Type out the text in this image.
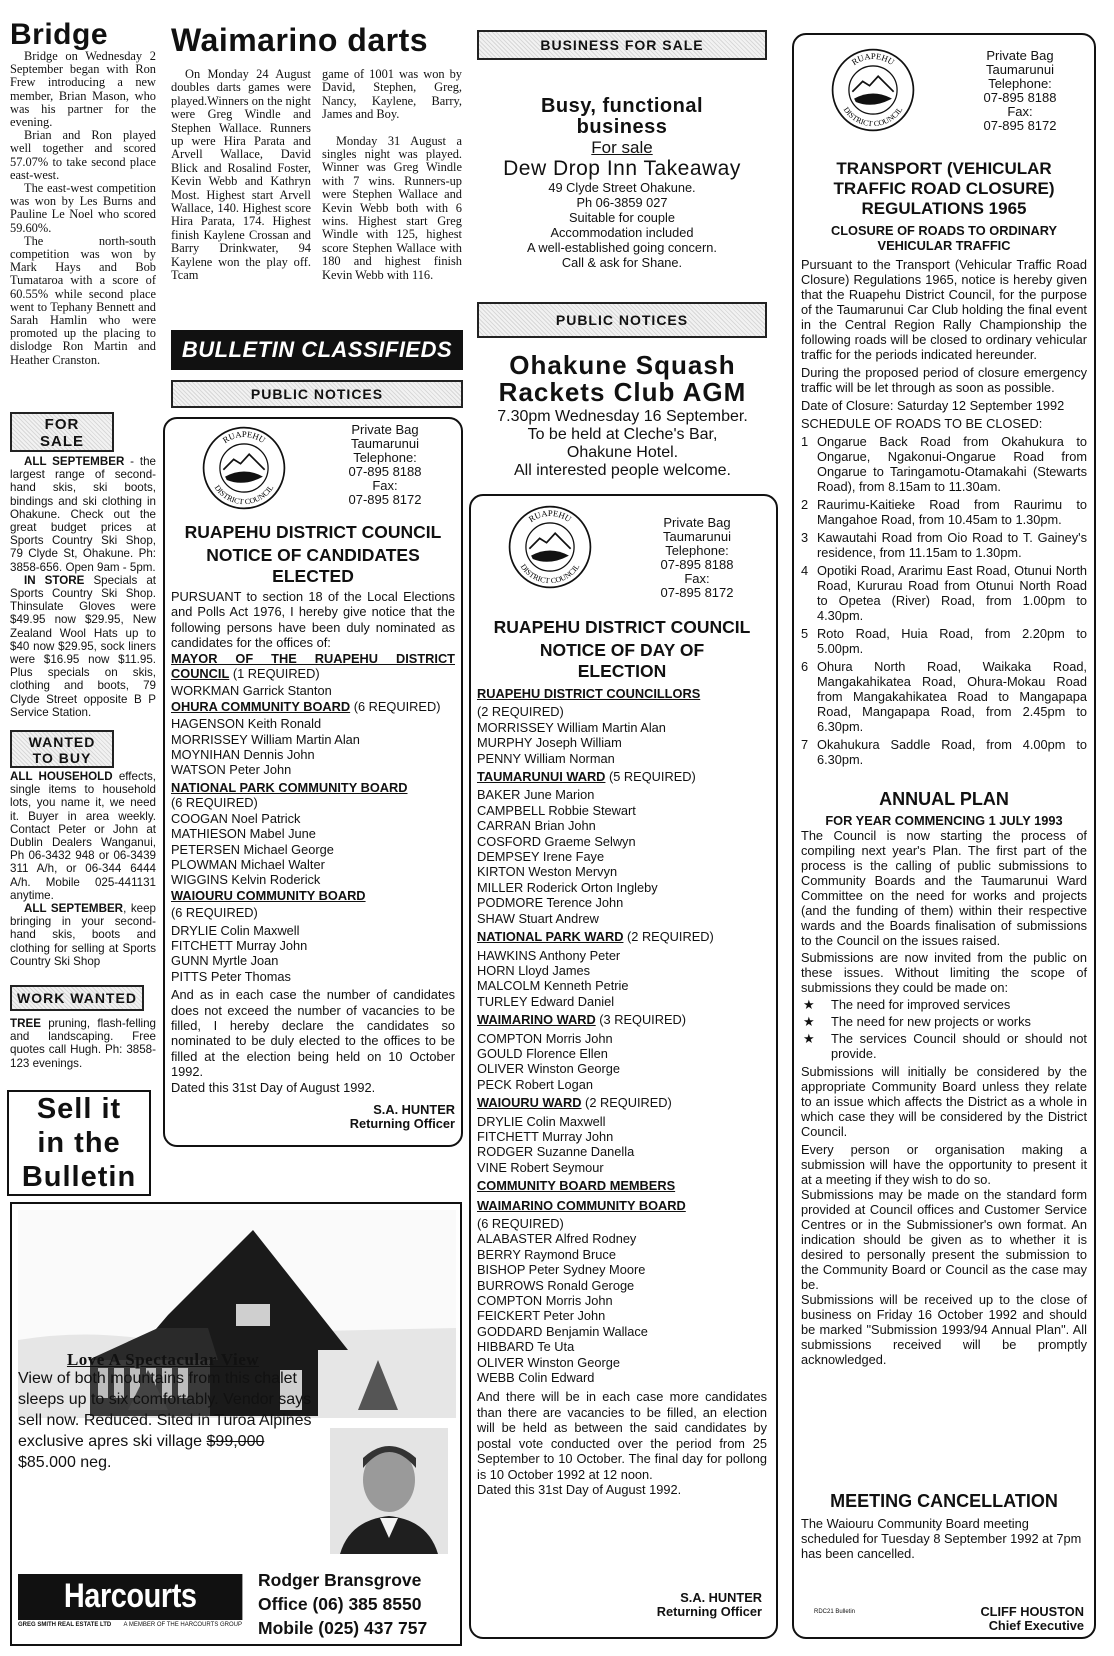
Bridge

Bridge on Wednesday 2 September began with Ron Frew introducing a new member, Brian Mason, who was his partner for the evening.

Brian and Ron played well together and scored 57.07% to take second place east-west.

The east-west competition was won by Les Burns and Pauline Le Noel who scored 59.60%.

The north-south competition was won by Mark Hays and Bob Tumataroa with a score of 60.55% while second place went to Tephany Bennett and Sarah Hamlin who were promoted up the placing to dislodge Ron Martin and Heather Cranston.

FOR
SALE

ALL SEPTEMBER - the largest range of second-hand skis, ski boots, bindings and ski clothing in Ohakune. Check out the great budget prices at Sports Country Ski Shop, 79 Clyde St, Ohakune. Ph: 3858-656. Open 9am - 5pm.

IN STORE Specials at Sports Country Ski Shop. Thinsulate Gloves were $49.95 now $29.95, New Zealand Wool Hats up to $40 now $29.95, sock liners were $16.95 now $11.95. Plus specials on skis, clothing and boots, 79 Clyde Street opposite B P Service Station.

WANTED
TO BUY

ALL HOUSEHOLD effects, single items to household lots, you name it, we need it. Buyer in area weekly. Contact Peter or John at Dublin Dealers Wanganui, Ph 06-3432 948 or 06-3439 311 A/h, or 06-344 6444 A/h. Mobile 025-441131 anytime.

ALL SEPTEMBER, keep bringing in your second-hand skis, boots and clothing for selling at Sports Country Ski Shop

WORK WANTED

TREE pruning, flash-felling and landscaping. Free quotes call Hugh. Ph: 3858-123 evenings.

Sell it
in the
Bulletin
Waimarino darts

On Monday 24 August doubles darts games were played.Winners on the night were Greg Windle and Stephen Wallace. Runners up were Hira Parata and Arvell Wallace, David Blick and Rosalind Foster, Kevin Webb and Kathryn Most. Highest start Arvell Wallace, 140. Highest score Hira Parata, 174. Highest finish Kaylene Crossan and Barry Drinkwater, 94 Kaylene won the play off. Tcam

game of 1001 was won by David, Stephen, Greg, Nancy, Kaylene, Barry, James and Boy.

Monday 31 August a singles night was played. Winner was Greg Windle with 7 wins. Runners-up were Stephen Wallace and Kevin Webb both with 6 wins. Highest start Greg Windle with 125, highest score Stephen Wallace with 180 and highest finish Kevin Webb with 116.

BULLETIN CLASSIFIEDS
PUBLIC NOTICES
RUAPEHU
DISTRICT COUNCIL
Private Bag
Taumarunui
Telephone:
07-895 8188
Fax:
07-895 8172
RUAPEHU DISTRICT COUNCIL
NOTICE OF CANDIDATES ELECTED

PURSUANT to section 18 of the Local Elections and Polls Act 1976, I hereby give notice that the following persons have been duly nominated as candidates for the offices of:

MAYOR OF THE RUAPEHU DISTRICT COUNCIL (1 REQUIRED)

WORKMAN Garrick Stanton

OHURA COMMUNITY BOARD (6 REQUIRED)

HAGENSON Keith Ronald

MORRISSEY William Martin Alan

MOYNIHAN Dennis John

WATSON Peter John

NATIONAL PARK COMMUNITY BOARD

(6 REQUIRED)

COOGAN Noel Patrick

MATHIESON Mabel June

PETERSEN Michael George

PLOWMAN Michael Walter

WIGGINS Kelvin Roderick

WAIOURU COMMUNITY BOARD

(6 REQUIRED)

DRYLIE Colin Maxwell

FITCHETT Murray John

GUNN Myrtle Joan

PITTS Peter Thomas

And as in each case the number of candidates does not exceed the number of vacancies to be filled, I hereby declare the candidates so nominated to be duly elected to the offices to be filled at the election being held on 10 October 1992.

Dated this 31st Day of August 1992.

S.A. HUNTER
Returning Officer
BUSINESS FOR SALE
Busy, functional business
For sale
Dew Drop Inn Takeaway
49 Clyde Street Ohakune.
Ph 06-3859 027
Suitable for couple
Accommodation included
A well-established going concern.
Call & ask for Shane.
PUBLIC NOTICES
Ohakune Squash
Rackets Club AGM
7.30pm Wednesday 16 September.
To be held at Cleche's Bar,
Ohakune Hotel.
All interested people welcome.
RUAPEHU
DISTRICT COUNCIL
Private Bag
Taumarunui
Telephone:
07-895 8188
Fax:
07-895 8172
RUAPEHU DISTRICT COUNCIL
NOTICE OF DAY OF ELECTION

RUAPEHU DISTRICT COUNCILLORS

(2 REQUIRED)

MORRISSEY William Martin Alan

MURPHY Joseph William

PENNY William Norman

TAUMARUNUI WARD (5 REQUIRED)

BAKER June Marion

CAMPBELL Robbie Stewart

CARRAN Brian John

COSFORD Graeme Selwyn

DEMPSEY Irene Faye

KIRTON Weston Mervyn

MILLER Roderick Orton Ingleby

PODMORE Terence John

SHAW Stuart Andrew

NATIONAL PARK WARD (2 REQUIRED)

HAWKINS Anthony Peter

HORN Lloyd James

MALCOLM Kenneth Petrie

TURLEY Edward Daniel

WAIMARINO WARD (3 REQUIRED)

COMPTON Morris John

GOULD Florence Ellen

OLIVER Winston George

PECK Robert Logan

WAIOURU WARD (2 REQUIRED)

DRYLIE Colin Maxwell

FITCHETT Murray John

RODGER Suzanne Danella

VINE Robert Seymour

COMMUNITY BOARD MEMBERS

WAIMARINO COMMUNITY BOARD

(6 REQUIRED)

ALABASTER Alfred Rodney

BERRY Raymond Bruce

BISHOP Peter Sydney Moore

BURROWS Ronald Geroge

COMPTON Morris John

FEICKERT Peter John

GODDARD Benjamin Wallace

HIBBARD Te Uta

OLIVER Winston George

WEBB Colin Edward

And there will be in each case more candidates than there are vacancies to be filled, an election will be held as between the said candidates by postal vote conducted over the period from 25 September to 10 October. The final day for pollong is 10 October 1992 at 12 noon.

Dated this 31st Day of August 1992.

S.A. HUNTER
Returning Officer
RUAPEHU
DISTRICT COUNCIL
Private Bag
Taumarunui
Telephone:
07-895 8188
Fax:
07-895 8172
TRANSPORT (VEHICULAR TRAFFIC ROAD CLOSURE) REGULATIONS 1965
CLOSURE OF ROADS TO ORDINARY VEHICULAR TRAFFIC

Pursuant to the Transport (Vehicular Traffic Road Closure) Regulations 1965, notice is hereby given that the Ruapehu District Council, for the purpose of the Taumarunui Car Club holding the final event in the Central Region Rally Championship the following roads will be closed to ordinary vehicular traffic for the periods indicated hereunder.

During the proposed period of closure emergency traffic will be let through as soon as possible.

Date of Closure: Saturday 12 September 1992

SCHEDULE OF ROADS TO BE CLOSED:

1 Ongarue Back Road from Okahukura to Ongarue, Ngakonui-Ongarue Road from Ongarue to Taringamotu-Otamakahi (Stewarts Road), from 8.15am to 11.30am.
2 Raurimu-Kaitieke Road from Raurimu to Mangahoe Road, from 10.45am to 1.30pm.
3 Kawautahi Road from Oio Road to T. Gainey's residence, from 11.15am to 1.30pm.
4 Opotiki Road, Ararimu East Road, Otunui North Road, Kururau Road from Otunui North Road to Opetea (River) Road, from 1.00pm to 4.30pm.
5 Roto Road, Huia Road, from 2.20pm to 5.00pm.
6 Ohura North Road, Waikaka Road, Mangakahikatea Road, Ohura-Mokau Road from Mangakahikatea Road to Mangapapa Road, Mangapapa Road, from 2.45pm to 6.30pm.
7 Okahukura Saddle Road, from 4.00pm to 6.30pm.
ANNUAL PLAN
FOR YEAR COMMENCING 1 JULY 1993

The Council is now starting the process of compiling next year's Plan. The first part of the process is the calling of public submissions to Community Boards and the Taumarunui Ward Committee on the need for works and projects (and the funding of them) within their respective wards and the Boards finalisation of submissions to the Council on the issues raised.

Submissions are now invited from the public on these issues. Without limiting the scope of submissions they could be made on:

★	The need for improved services
★	The need for new projects or works
★	The services Council should or should not provide.

Submissions will initially be considered by the appropriate Community Board unless they relate to an issue which affects the District as a whole in which case they will be considered by the District Council.

Every person or organisation making a submission will have the opportunity to present it at a meeting if they wish to do so.

Submissions may be made on the standard form provided at Council offices and Customer Service Centres or in the Submissioner's own format. An indication should be given as to whether it is desired to personally present the submission to the Community Board or Council as the case may be.

Submissions will be received up to the close of business on Friday 16 October 1992 and should be marked "Submission 1993/94 Annual Plan". All submissions received will be promptly acknowledged.

MEETING CANCELLATION

The Waiouru Community Board meeting scheduled for Tuesday 8 September 1992 at 7pm has been cancelled.

RDC21 Bulletin	CLIFF HOUSTON
Chief Executive
Love A Spectacular View
View of both mountains from this chalet sleeps up to six comfortably. Vendor says sell now. Reduced. Sited in Turoa Alpines exclusive apres ski village $99,000
$85.000 neg.
Harcourts
GREG SMITH REAL ESTATE LTD A MEMBER OF THE HARCOURTS GROUP
Rodger Bransgrove
Office (06) 385 8550
Mobile (025) 437 757
